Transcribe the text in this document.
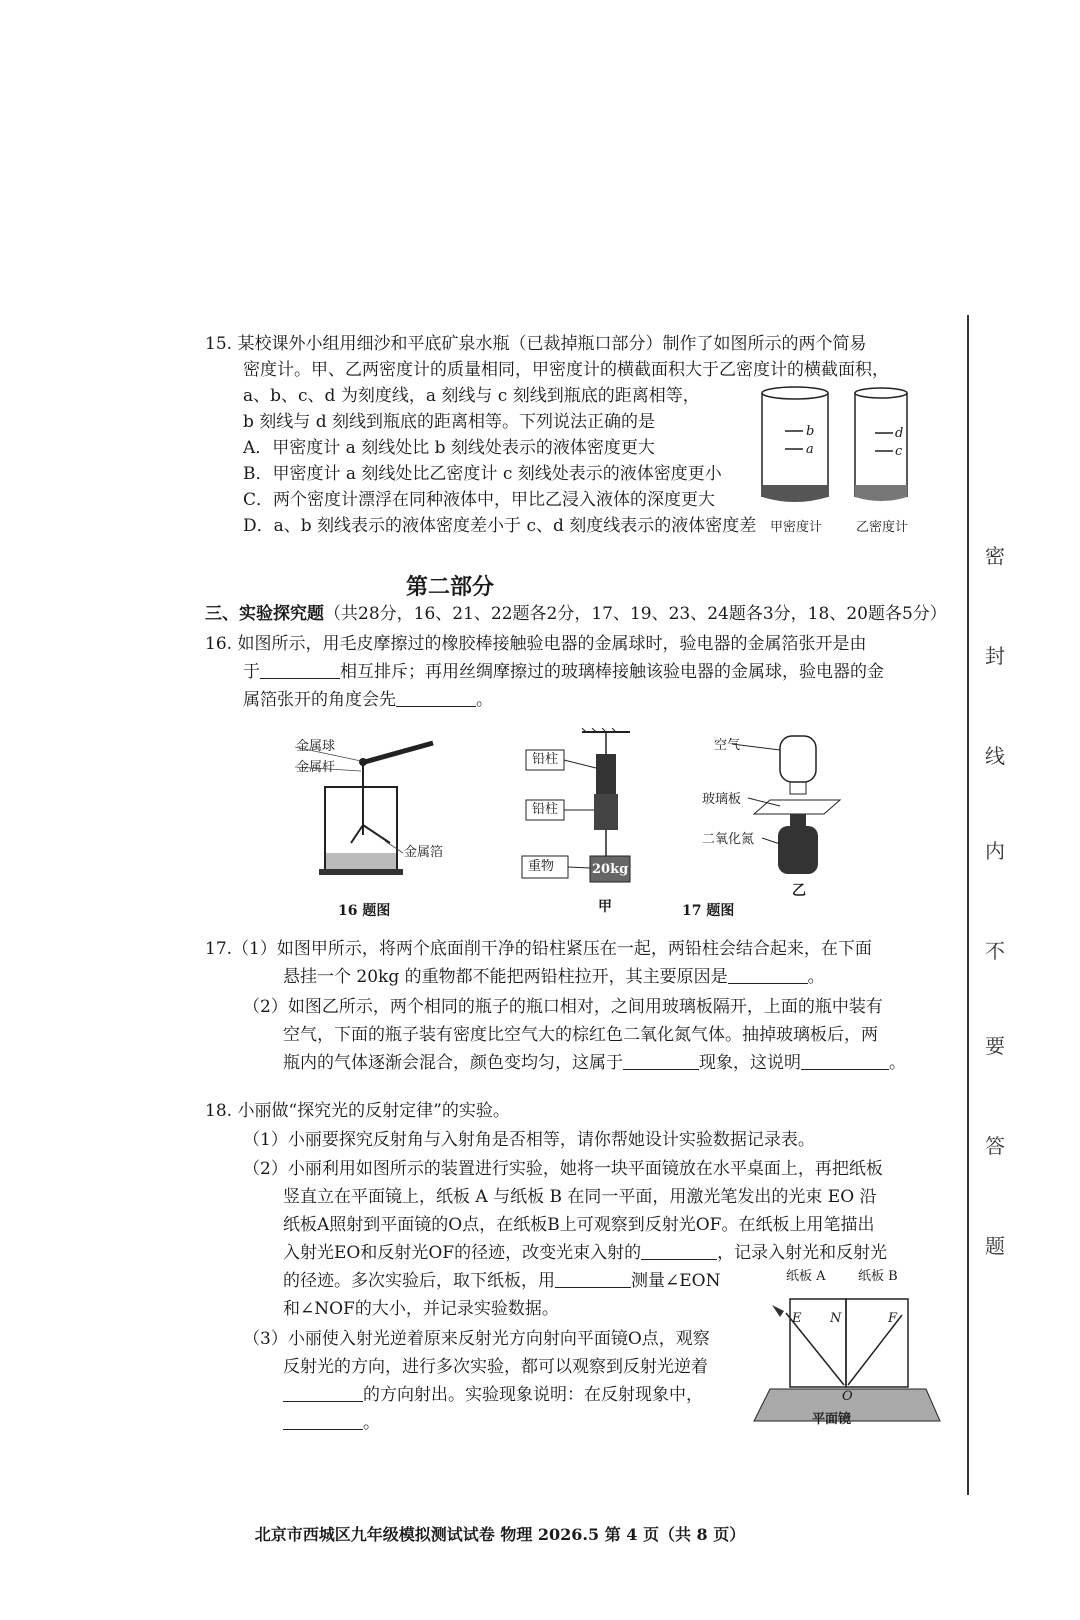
15. 某校课外小组用细沙和平底矿泉水瓶（已裁掉瓶口部分）制作了如图所示的两个简易
密度计。甲、乙两密度计的质量相同，甲密度计的横截面积大于乙密度计的横截面积，
a、b、c、d 为刻度线，a 刻线与 c 刻线到瓶底的距离相等，
b 刻线与 d 刻线到瓶底的距离相等。下列说法正确的是
A．甲密度计 a 刻线处比 b 刻线处表示的液体密度更大
B．甲密度计 a 刻线处比乙密度计 c 刻线处表示的液体密度更小
C．两个密度计漂浮在同种液体中，甲比乙浸入液体的深度更大
D．a、b 刻线表示的液体密度差小于 c、d 刻度线表示的液体密度差
b
a
d
c
甲密度计	乙密度计
第二部分
三、实验探究题（共28分，16、21、22题各2分，17、19、23、24题各3分，18、20题各5分）
16. 如图所示，用毛皮摩擦过的橡胶棒接触验电器的金属球时，验电器的金属箔张开是由
于	相互排斥；再用丝绸摩擦过的玻璃棒接触该验电器的金属球，验电器的金
属箔张开的角度会先	。
金属球
金属杆
金属箔
16 题图
铅柱
铅柱
重物	20kg
甲
空气
玻璃板
二氧化氮
乙
17 题图
17.（1）如图甲所示，将两个底面削干净的铅柱紧压在一起，两铅柱会结合起来，在下面
悬挂一个 20kg 的重物都不能把两铅柱拉开，其主要原因是	。
（2）如图乙所示，两个相同的瓶子的瓶口相对，之间用玻璃板隔开，上面的瓶中装有
空气，下面的瓶子装有密度比空气大的棕红色二氧化氮气体。抽掉玻璃板后，两
瓶内的气体逐渐会混合，颜色变均匀，这属于	现象，这说明	。
18. 小丽做“探究光的反射定律”的实验。
（1）小丽要探究反射角与入射角是否相等，请你帮她设计实验数据记录表。
（2）小丽利用如图所示的装置进行实验，她将一块平面镜放在水平桌面上，再把纸板
竖直立在平面镜上，纸板 A 与纸板 B 在同一平面，用激光笔发出的光束 EO 沿
纸板A照射到平面镜的O点，在纸板B上可观察到反射光OF。在纸板上用笔描出
入射光EO和反射光OF的径迹，改变光束入射的	，记录入射光和反射光
的径迹。多次实验后，取下纸板，用	测量∠EON
和∠NOF的大小，并记录实验数据。
（3）小丽使入射光逆着原来反射光方向射向平面镜O点，观察
反射光的方向，进行多次实验，都可以观察到反射光逆着
的方向射出。实验现象说明：在反射现象中，
。
纸板 A 纸板 B
E N	F
O
平面镜
密
封
线
内
不
要
答
题
北京市西城区九年级模拟测试试卷 物理 2026.5 第 4 页（共 8 页）
